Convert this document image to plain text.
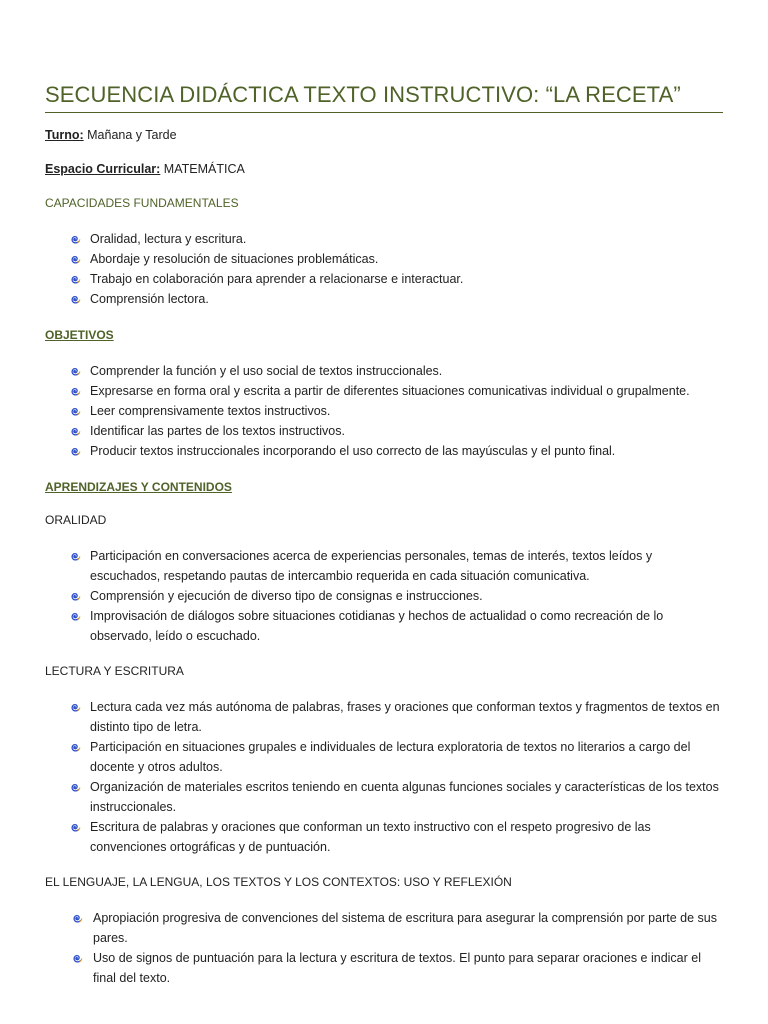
SECUENCIA DIDÁCTICA TEXTO INSTRUCTIVO: “LA RECETA”
Turno: Mañana y Tarde
Espacio Curricular: MATEMÁTICA
CAPACIDADES FUNDAMENTALES
Oralidad, lectura y escritura.
Abordaje y resolución de situaciones problemáticas.
Trabajo en colaboración para aprender a relacionarse e interactuar.
Comprensión lectora.
OBJETIVOS
Comprender la función y el uso social de textos instruccionales.
Expresarse en forma oral y escrita a partir de diferentes situaciones comunicativas individual o grupalmente.
Leer comprensivamente textos instructivos.
Identificar las partes de los textos instructivos.
Producir textos instruccionales incorporando el uso correcto de las mayúsculas y el punto final.
APRENDIZAJES Y CONTENIDOS
ORALIDAD
Participación en conversaciones acerca de experiencias personales, temas de interés, textos leídos y escuchados, respetando pautas de intercambio requerida en cada situación comunicativa.
Comprensión y ejecución de diverso tipo de consignas e instrucciones.
Improvisación de diálogos sobre situaciones cotidianas y hechos de actualidad o como recreación de lo observado, leído o escuchado.
LECTURA Y ESCRITURA
Lectura cada vez más autónoma de palabras, frases y oraciones que conforman textos y fragmentos de textos en distinto tipo de letra.
Participación en situaciones grupales e individuales de lectura exploratoria de textos no literarios a cargo del docente y otros adultos.
Organización de materiales escritos teniendo en cuenta algunas funciones sociales y características de los textos instruccionales.
Escritura de palabras y oraciones que conforman un texto instructivo con el respeto progresivo de las convenciones ortográficas y de puntuación.
EL LENGUAJE, LA LENGUA, LOS TEXTOS Y LOS CONTEXTOS: USO Y REFLEXIÓN
Apropiación progresiva de convenciones del sistema de escritura para asegurar la comprensión por parte de sus pares.
Uso de signos de puntuación para la lectura y escritura de textos. El punto para separar oraciones e indicar el final del texto.
